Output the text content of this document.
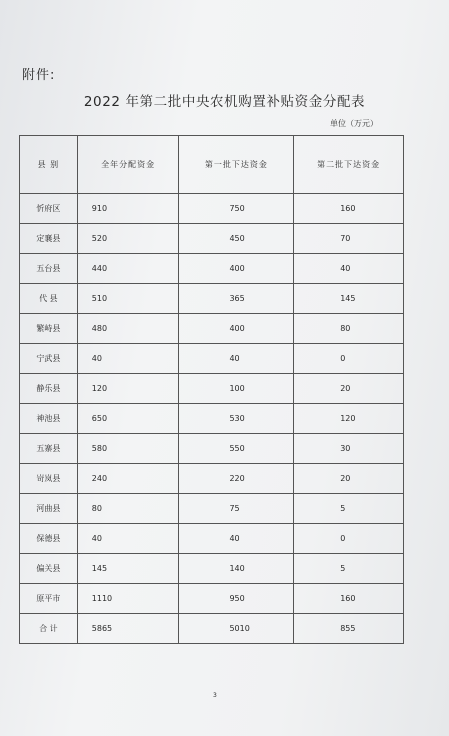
附件:
2022 年第二批中央农机购置补贴资金分配表
单位（万元）
县 别	全年分配资金	第一批下达资金	第二批下达资金
忻府区	910	750	160
定襄县	520	450	70
五台县	440	400	40
代 县	510	365	145
繁峙县	480	400	80
宁武县	40	40	0
静乐县	120	100	20
神池县	650	530	120
五寨县	580	550	30
岢岚县	240	220	20
河曲县	80	75	5
保德县	40	40	0
偏关县	145	140	5
原平市	1110	950	160
合 计	5865	5010	855
3
